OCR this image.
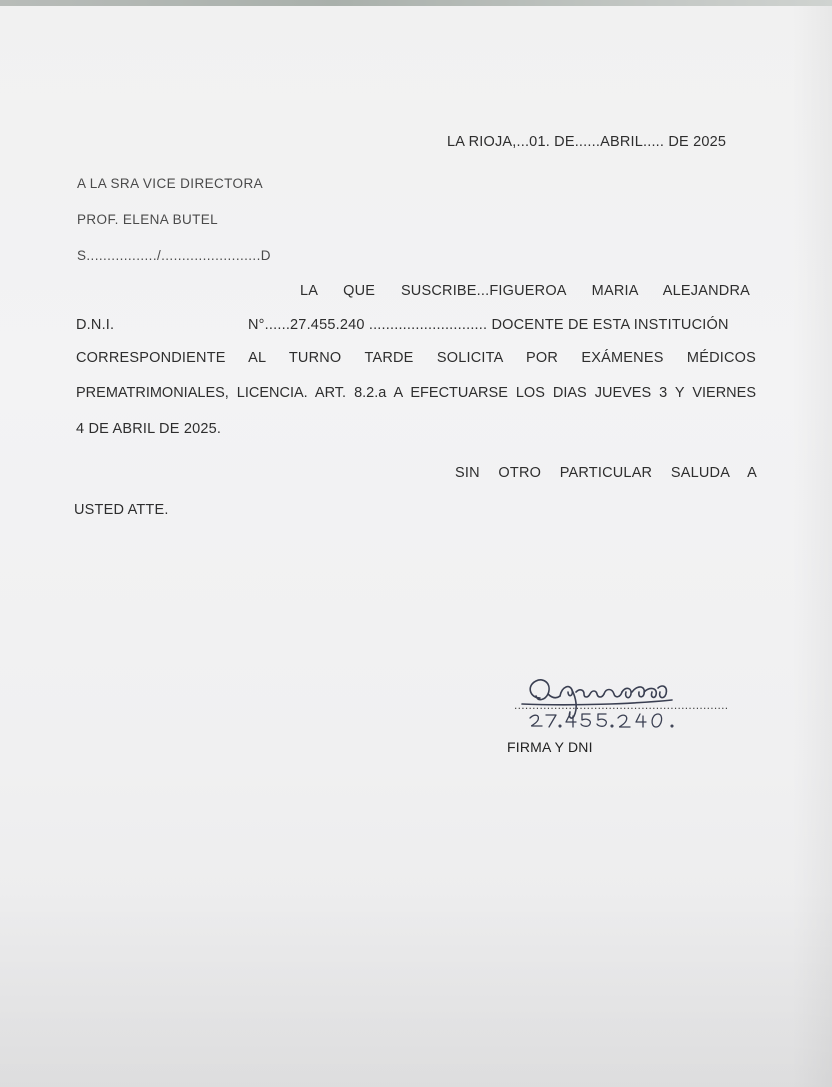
LA RIOJA,...01. DE......ABRIL..... DE 2025
A LA SRA VICE DIRECTORA
PROF. ELENA BUTEL
S................./........................D
LA QUE SUSCRIBE...FIGUEROA MARIA ALEJANDRA
D.N.I.	N°......27.455.240 ............................ DOCENTE DE ESTA INSTITUCIÓN
CORRESPONDIENTE AL TURNO TARDE SOLICITA POR EXÁMENES MÉDICOS
PREMATRIMONIALES, LICENCIA. ART. 8.2.a A EFECTUARSE LOS DIAS JUEVES 3 Y VIERNES
4 DE ABRIL DE 2025.
SIN OTRO PARTICULAR SALUDA A
USTED ATTE.
...........................................................
FIRMA Y DNI
